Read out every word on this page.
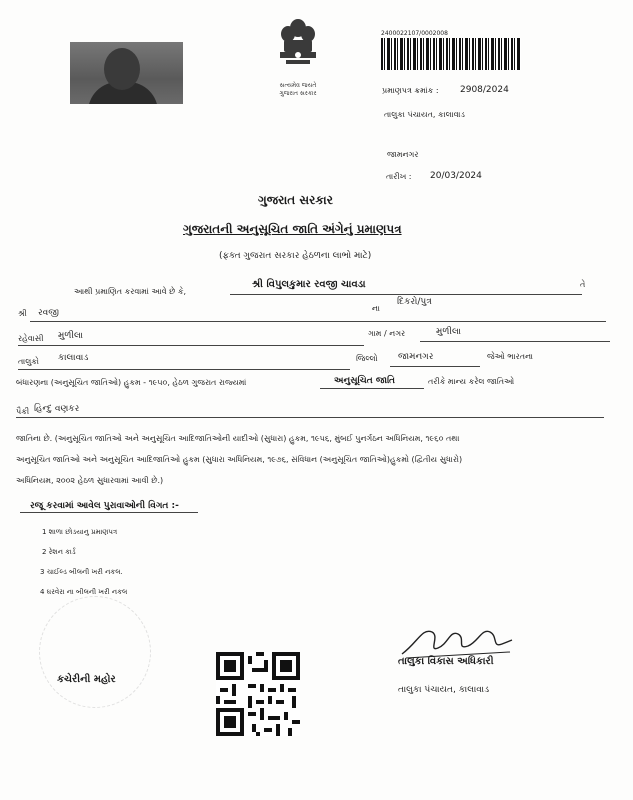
સત્યમેવ જયતે
ગુજરાત સરકાર
2400022107/0002008
પ્રમાણપત્ર ક્રમાંક : 2908/2024
તાલુકા પંચાયત, કાલાવાડ
જામનગર
તારીખ : 20/03/2024
ગુજરાત સરકાર
ગુજરાતની અનુસૂચિત જાતિ અંગેનું પ્રમાણપત્ર
(ફક્ત ગુજરાત સરકાર હેઠળના લાભો માટે)
આથી પ્રમાણિત કરવામાં આવે છે કે,
શ્રી વિપુલકુમાર રવજી ચાવડા	તે
શ્રી રવજી	ના
દિકરો/પુત્ર
રહેવાસી મુળીલા	ગામ / નગર	મુળીલા
તાલુકો કાલાવાડ	જિલ્લો જામનગર	જેઓ ભારતના
બંધારણના (અનુસૂચિત જાતિઓ) હુકમ - ૧૯૫૦, હેઠળ ગુજરાત રાજ્યમાં	અનુસૂચિત જાતિ	તરીકે માન્ય કરેલ જાતિઓ
પૈકી હિન્દુ વણકર
જાતિના છે. (અનુસૂચિત જાતિઓ અને અનુસૂચિત આદિજાતિઓની યાદીઓ (સુધારા) હુકમ, ૧૯૫૬, મુંબઈ પુનર્ગઠન અધિનિયમ, ૧૯૬૦ તથા
અનુસૂચિત જાતિઓ અને અનુસૂચિત આદિજાતિઓ હુકમ (સુધારા અધિનિયમ, ૧૯૭૬, સંવિધાન (અનુસૂચિત જાતિઓ)હુકમો (દ્વિતીય સુધારો)
અધિનિયમ, ૨૦૦૨ હેઠળ સુધારવામાં આવી છે.)
રજૂ કરવામાં આવેલ પુરાવાઓની વિગત :-
1 શાળા છોડયાનુ પ્રમાણપત્ર
2 રેશન કાર્ડ
3 ચાઈલ્ડ બીલની ખરી નકલ.
4 ઘરવેરા ના બીલની ખરી નકલ
કચેરીની મહોર
તાલુકા વિકાસ અધિકારી
તાલુકા પંચાયત, કાલાવાડ
